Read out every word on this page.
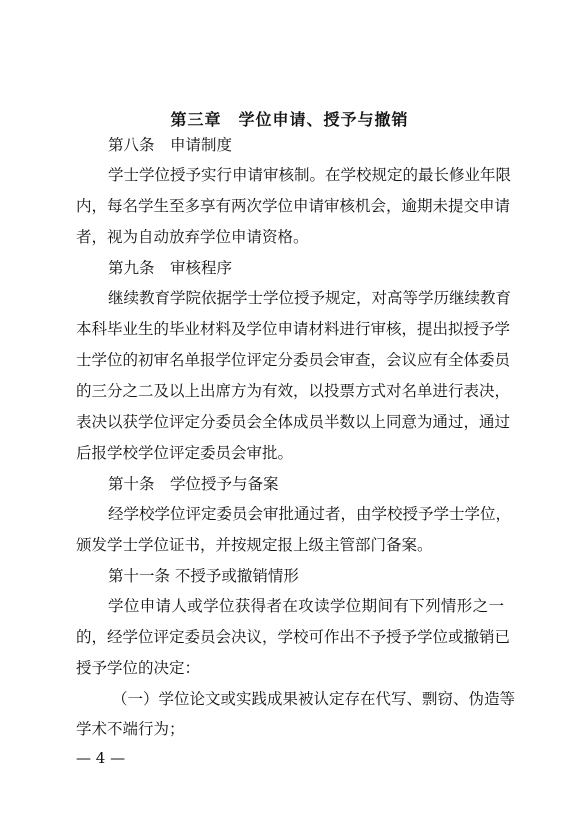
第三章　学位申请、授予与撤销
第八条　申请制度
学士学位授予实行申请审核制。在学校规定的最长修业年限
内，每名学生至多享有两次学位申请审核机会，逾期未提交申请
者，视为自动放弃学位申请资格。
第九条　审核程序
继续教育学院依据学士学位授予规定，对高等学历继续教育
本科毕业生的毕业材料及学位申请材料进行审核，提出拟授予学
士学位的初审名单报学位评定分委员会审查，会议应有全体委员
的三分之二及以上出席方为有效，以投票方式对名单进行表决，
表决以获学位评定分委员会全体成员半数以上同意为通过，通过
后报学校学位评定委员会审批。
第十条　学位授予与备案
经学校学位评定委员会审批通过者，由学校授予学士学位，
颁发学士学位证书，并按规定报上级主管部门备案。
第十一条 不授予或撤销情形
学位申请人或学位获得者在攻读学位期间有下列情形之一
的，经学位评定委员会决议，学校可作出不予授予学位或撤销已
授予学位的决定：
（一）学位论文或实践成果被认定存在代写、剽窃、伪造等
学术不端行为；
— 4 —
